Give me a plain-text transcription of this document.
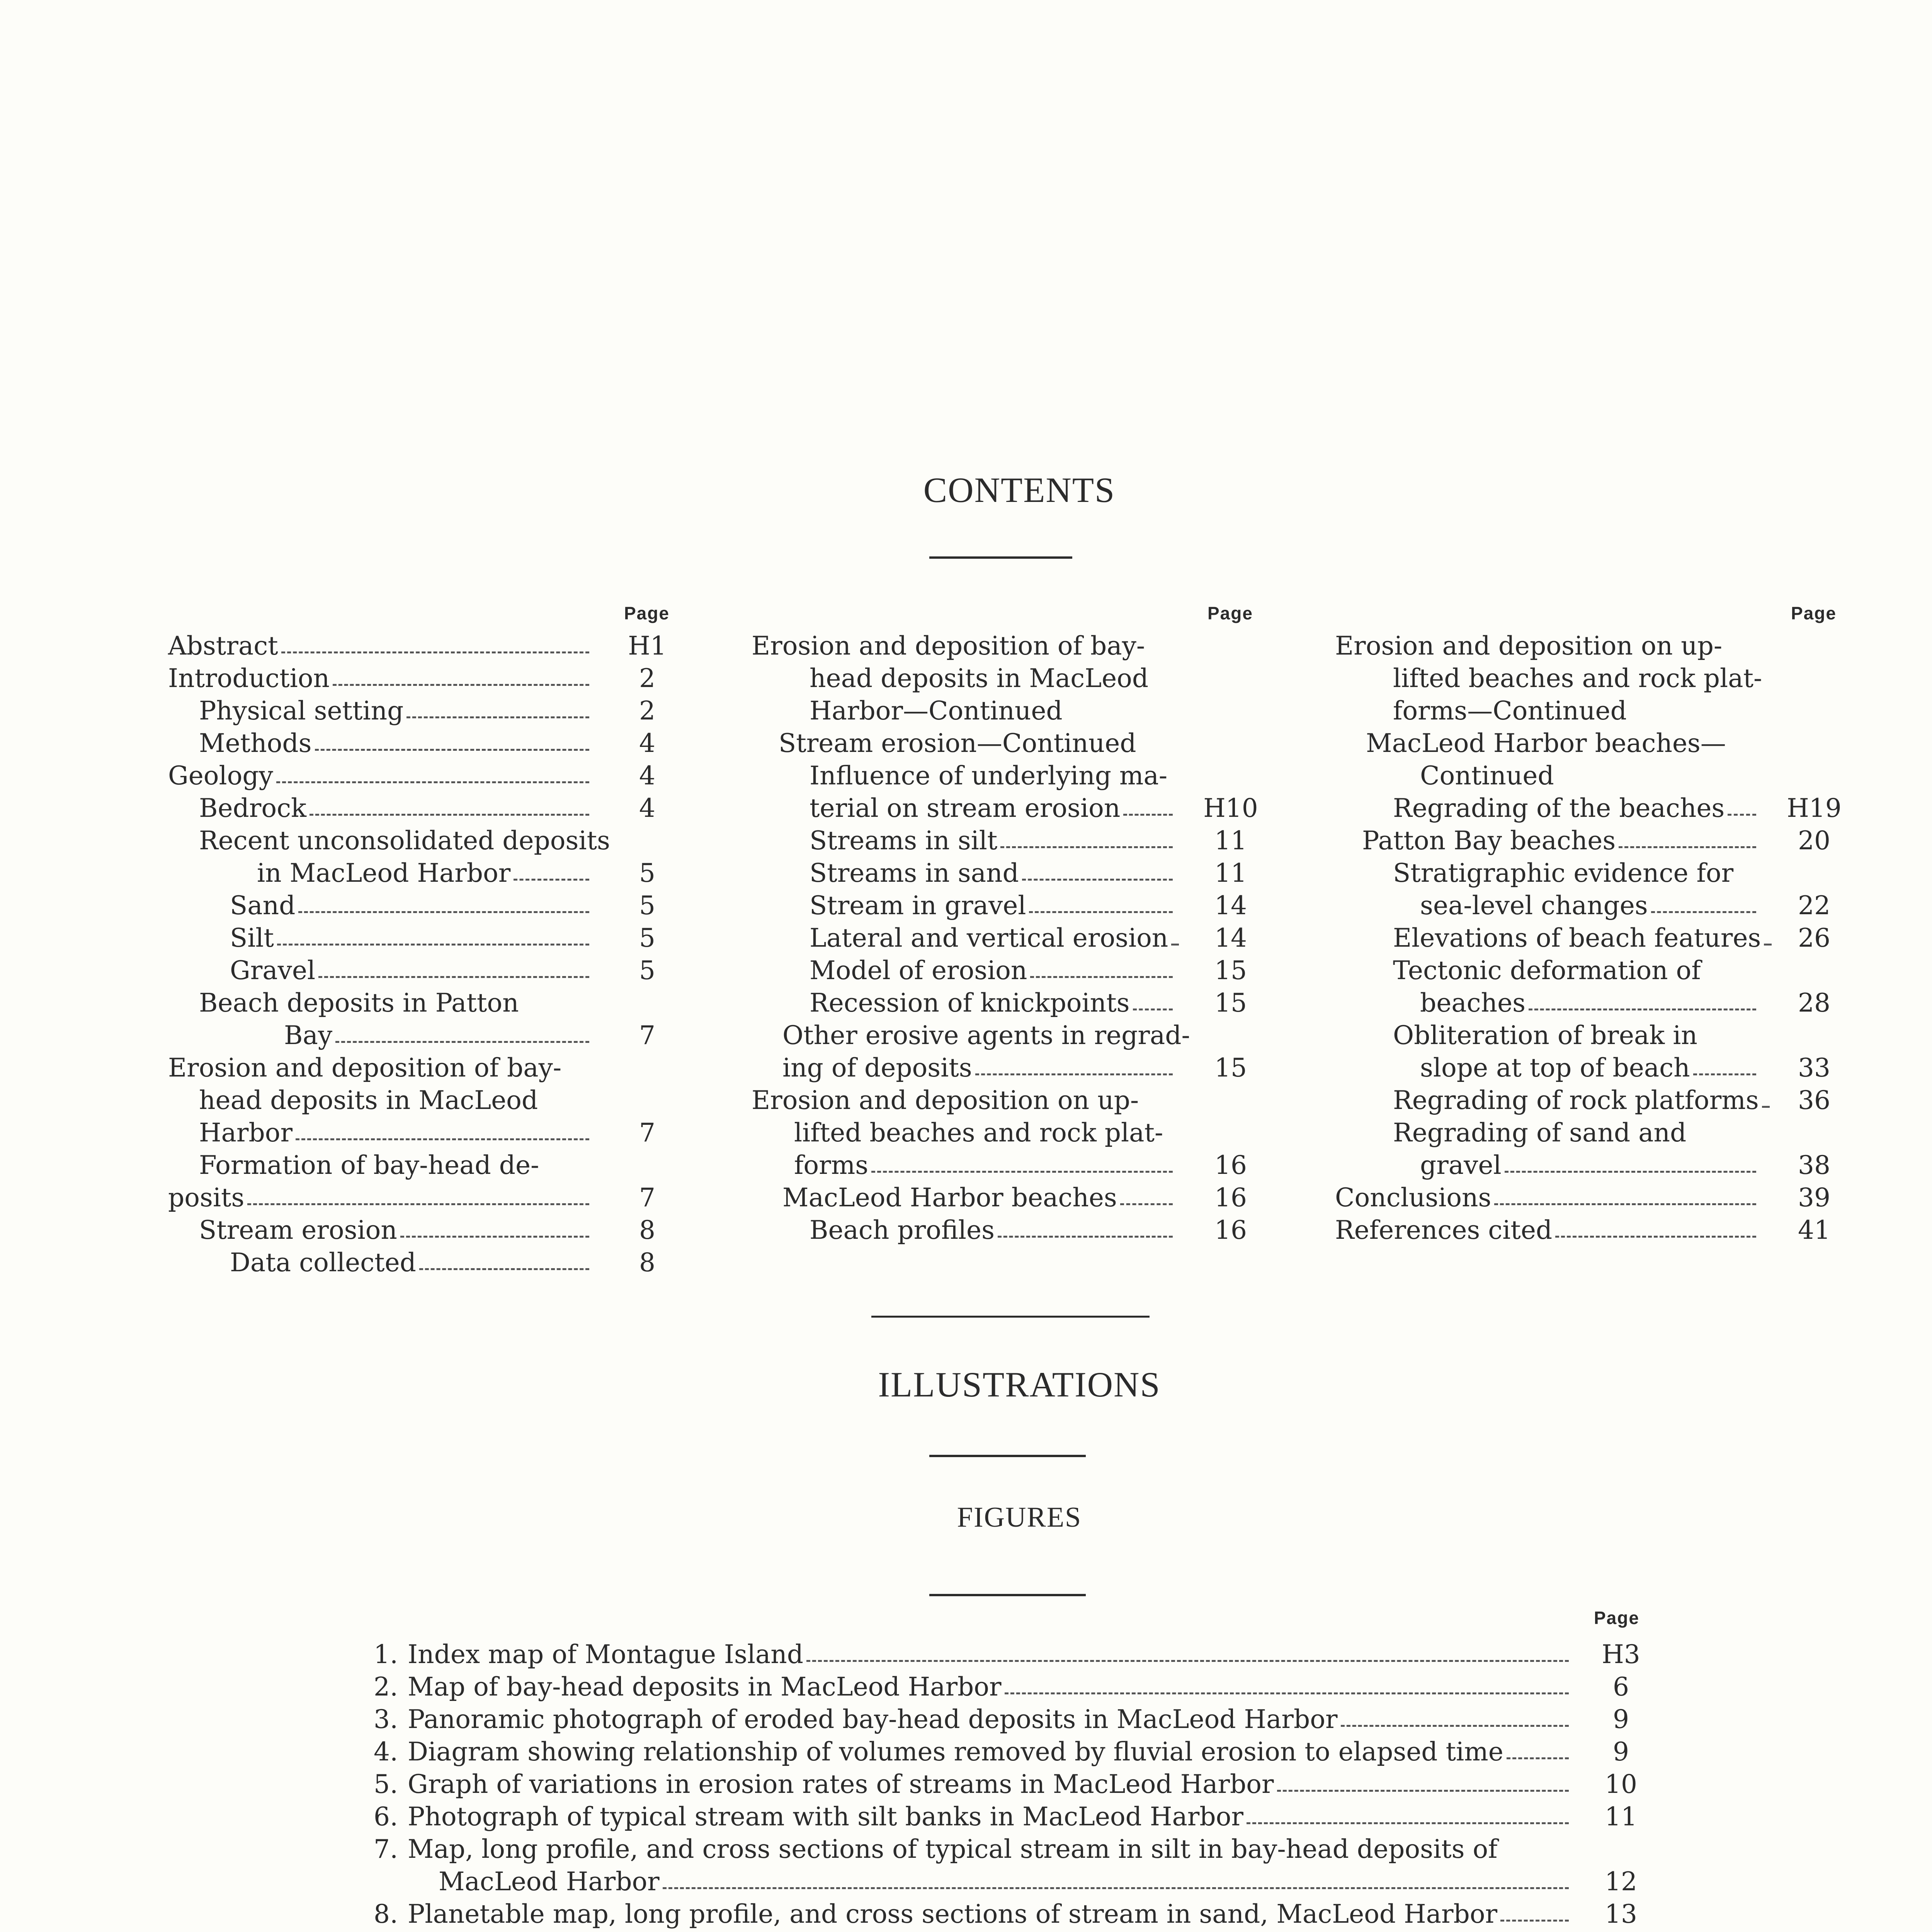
CONTENTS
Page
Abstract	H1
Introduction	2
Physical setting	2
Methods	4
Geology	4
Bedrock	4
Recent unconsolidated deposits
in MacLeod Harbor	5
Sand	5
Silt	5
Gravel	5
Beach deposits in Patton
Bay	7
Erosion and deposition of bay-
head deposits in MacLeod
Harbor	7
Formation of bay-head de-
posits	7
Stream erosion	8
Data collected	8
Page
Erosion and deposition of bay-
head deposits in MacLeod
Harbor—Continued
Stream erosion—Continued
Influence of underlying ma-
terial on stream erosion	H10
Streams in silt	11
Streams in sand	11
Stream in gravel	14
Lateral and vertical erosion	14
Model of erosion	15
Recession of knickpoints	15
Other erosive agents in regrad-
ing of deposits	15
Erosion and deposition on up-
lifted beaches and rock plat-
forms	16
MacLeod Harbor beaches	16
Beach profiles	16
Page
Erosion and deposition on up-
lifted beaches and rock plat-
forms—Continued
MacLeod Harbor beaches—
Continued
Regrading of the beaches	H19
Patton Bay beaches	20
Stratigraphic evidence for
sea-level changes	22
Elevations of beach features	26
Tectonic deformation of
beaches	28
Obliteration of break in
slope at top of beach	33
Regrading of rock platforms	36
Regrading of sand and
gravel	38
Conclusions	39
References cited	41
ILLUSTRATIONS
FIGURES
Page
1. Index map of Montague Island	H3
2. Map of bay-head deposits in MacLeod Harbor	6
3. Panoramic photograph of eroded bay-head deposits in MacLeod Harbor	9
4. Diagram showing relationship of volumes removed by fluvial erosion to elapsed time	9
5. Graph of variations in erosion rates of streams in MacLeod Harbor	10
6. Photograph of typical stream with silt banks in MacLeod Harbor	11
7. Map, long profile, and cross sections of typical stream in silt in bay-head deposits of
MacLeod Harbor	12
8. Planetable map, long profile, and cross sections of stream in sand, MacLeod Harbor	13
